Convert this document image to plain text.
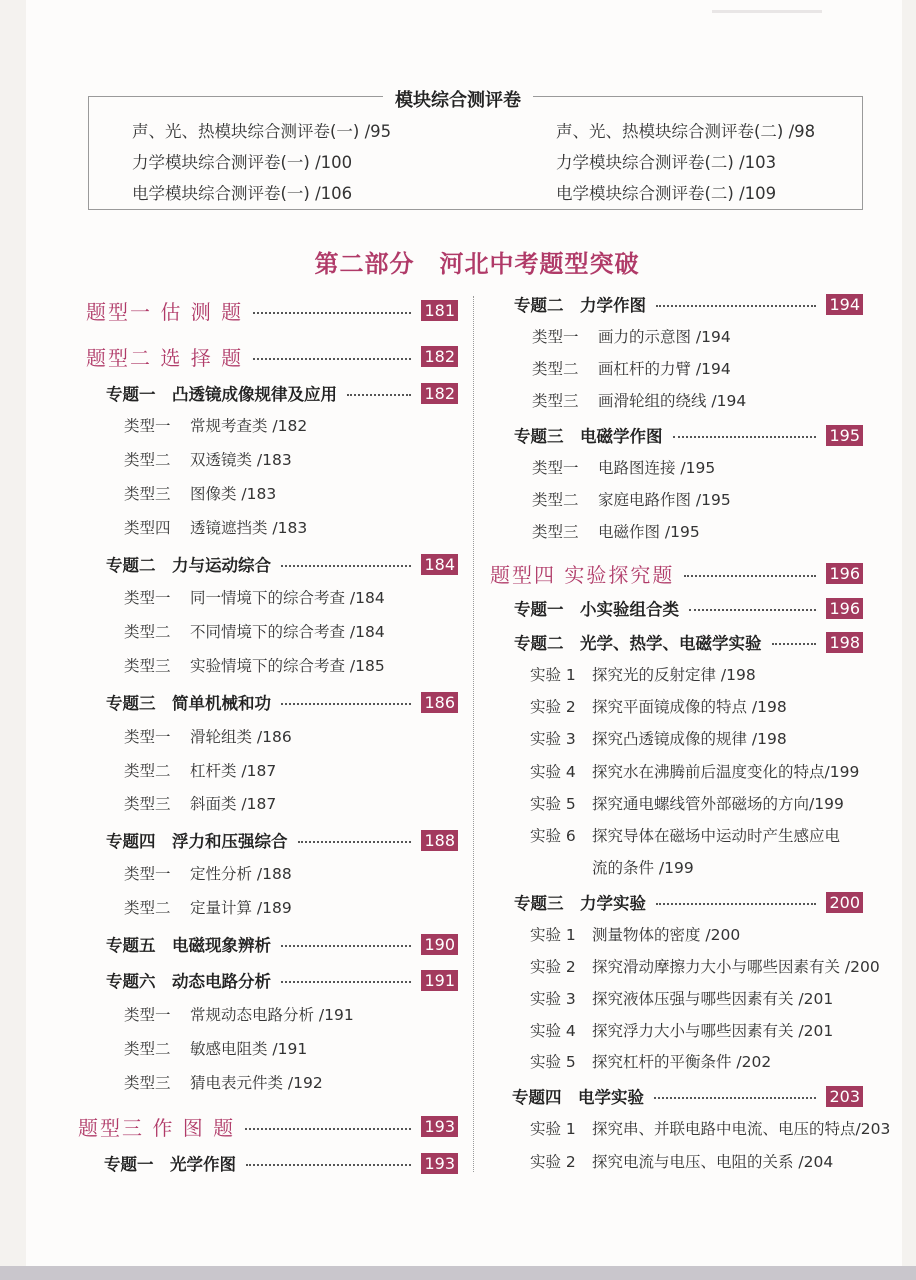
模块综合测评卷
声、光、热模块综合测评卷(一) /95	声、光、热模块综合测评卷(二) /98
力学模块综合测评卷(一) /100	力学模块综合测评卷(二) /103
电学模块综合测评卷(一) /106	电学模块综合测评卷(二) /109
第二部分　河北中考题型突破
题型一 估 测 题	181
题型二 选 择 题	182
专题一　凸透镜成像规律及应用	182
类型一	常规考查类 /182
类型二	双透镜类 /183
类型三	图像类 /183
类型四	透镜遮挡类 /183
专题二　力与运动综合	184
类型一	同一情境下的综合考查 /184
类型二	不同情境下的综合考查 /184
类型三	实验情境下的综合考查 /185
专题三　简单机械和功	186
类型一	滑轮组类 /186
类型二	杠杆类 /187
类型三	斜面类 /187
专题四　浮力和压强综合	188
类型一	定性分析 /188
类型二	定量计算 /189
专题五　电磁现象辨析	190
专题六　动态电路分析	191
类型一	常规动态电路分析 /191
类型二	敏感电阻类 /191
类型三	猜电表元件类 /192
题型三 作 图 题	193
专题一　光学作图	193
专题二　力学作图	194
类型一	画力的示意图 /194
类型二	画杠杆的力臂 /194
类型三	画滑轮组的绕线 /194
专题三　电磁学作图	195
类型一	电路图连接 /195
类型二	家庭电路作图 /195
类型三	电磁作图 /195
题型四 实验探究题	196
专题一　小实验组合类	196
专题二　光学、热学、电磁学实验	198
实验 1	探究光的反射定律 /198
实验 2	探究平面镜成像的特点 /198
实验 3	探究凸透镜成像的规律 /198
实验 4	探究水在沸腾前后温度变化的特点/199
实验 5	探究通电螺线管外部磁场的方向/199
实验 6	探究导体在磁场中运动时产生感应电
流的条件 /199
专题三　力学实验	200
实验 1	测量物体的密度 /200
实验 2	探究滑动摩擦力大小与哪些因素有关 /200
实验 3	探究液体压强与哪些因素有关 /201
实验 4	探究浮力大小与哪些因素有关 /201
实验 5	探究杠杆的平衡条件 /202
专题四　电学实验	203
实验 1	探究串、并联电路中电流、电压的特点/203
实验 2	探究电流与电压、电阻的关系 /204
